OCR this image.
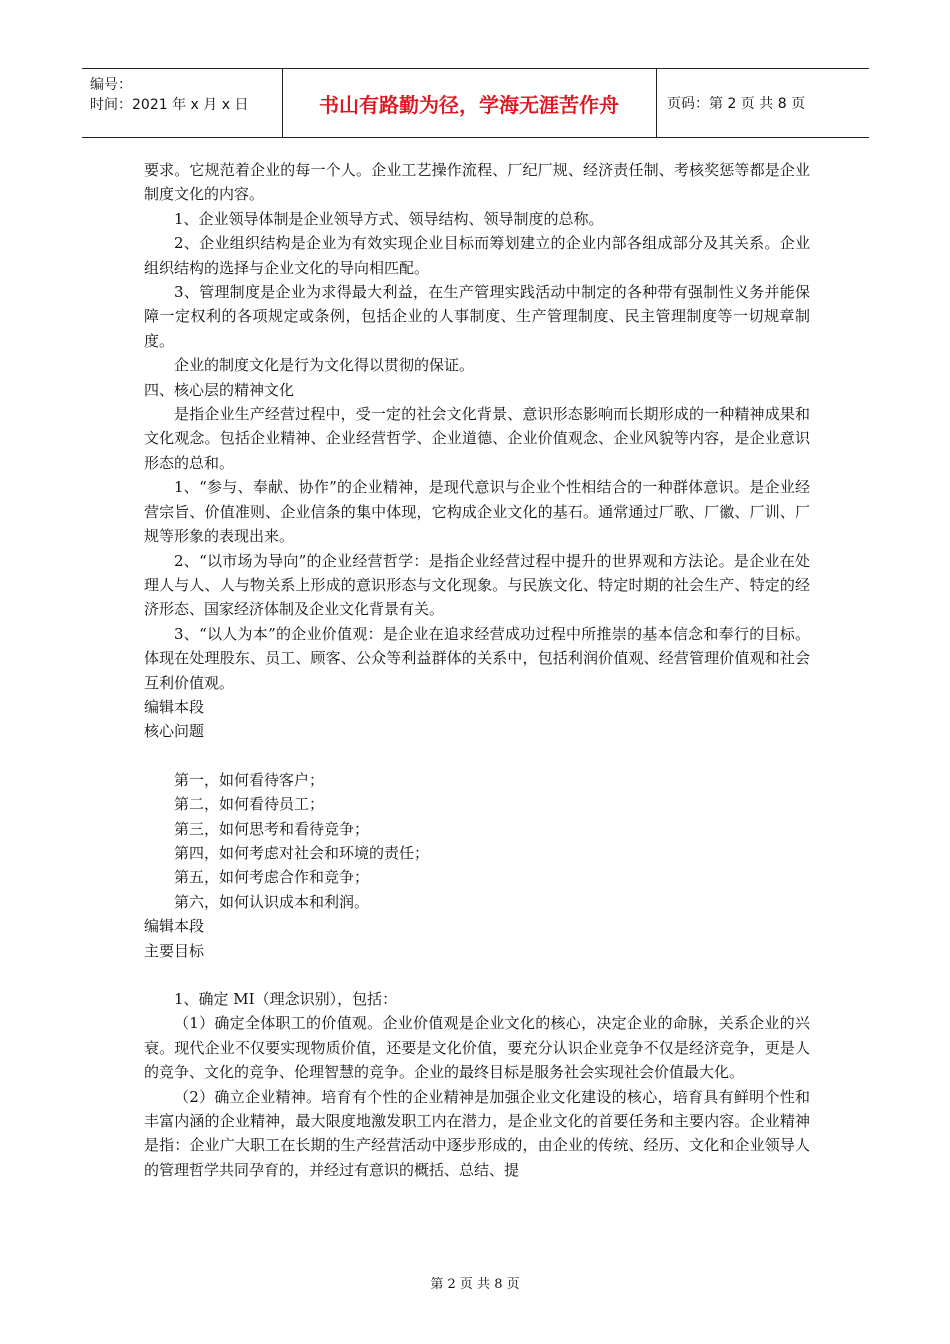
编号：
时间：2021 年 x 月 x 日	书山有路勤为径，学海无涯苦作舟	页码：第 2 页 共 8 页

要求。它规范着企业的每一个人。企业工艺操作流程、厂纪厂规、经济责任制、考核奖惩等都是企业制度文化的内容。

1、企业领导体制是企业领导方式、领导结构、领导制度的总称。

2、企业组织结构是企业为有效实现企业目标而筹划建立的企业内部各组成部分及其关系。企业组织结构的选择与企业文化的导向相匹配。

3、管理制度是企业为求得最大利益，在生产管理实践活动中制定的各种带有强制性义务并能保障一定权利的各项规定或条例，包括企业的人事制度、生产管理制度、民主管理制度等一切规章制度。

企业的制度文化是行为文化得以贯彻的保证。

四、核心层的精神文化

是指企业生产经营过程中，受一定的社会文化背景、意识形态影响而长期形成的一种精神成果和文化观念。包括企业精神、企业经营哲学、企业道德、企业价值观念、企业风貌等内容，是企业意识形态的总和。

1、“参与、奉献、协作”的企业精神，是现代意识与企业个性相结合的一种群体意识。是企业经营宗旨、价值准则、企业信条的集中体现，它构成企业文化的基石。通常通过厂歌、厂徽、厂训、厂规等形象的表现出来。

2、“以市场为导向”的企业经营哲学：是指企业经营过程中提升的世界观和方法论。是企业在处理人与人、人与物关系上形成的意识形态与文化现象。与民族文化、特定时期的社会生产、特定的经济形态、国家经济体制及企业文化背景有关。

3、“以人为本”的企业价值观：是企业在追求经营成功过程中所推崇的基本信念和奉行的目标。体现在处理股东、员工、顾客、公众等利益群体的关系中，包括利润价值观、经营管理价值观和社会互利价值观。

编辑本段

核心问题

第一，如何看待客户；

第二，如何看待员工；

第三，如何思考和看待竞争；

第四，如何考虑对社会和环境的责任；

第五，如何考虑合作和竞争；

第六，如何认识成本和利润。

编辑本段

主要目标

1、确定 MI（理念识别），包括：

（1）确定全体职工的价值观。企业价值观是企业文化的核心，决定企业的命脉，关系企业的兴衰。现代企业不仅要实现物质价值，还要是文化价值，要充分认识企业竞争不仅是经济竞争，更是人的竞争、文化的竞争、伦理智慧的竞争。企业的最终目标是服务社会实现社会价值最大化。

（2）确立企业精神。培育有个性的企业精神是加强企业文化建设的核心，培育具有鲜明个性和丰富内涵的企业精神，最大限度地激发职工内在潜力，是企业文化的首要任务和主要内容。企业精神是指：企业广大职工在长期的生产经营活动中逐步形成的，由企业的传统、经历、文化和企业领导人的管理哲学共同孕育的，并经过有意识的概括、总结、提

第 2 页 共 8 页
